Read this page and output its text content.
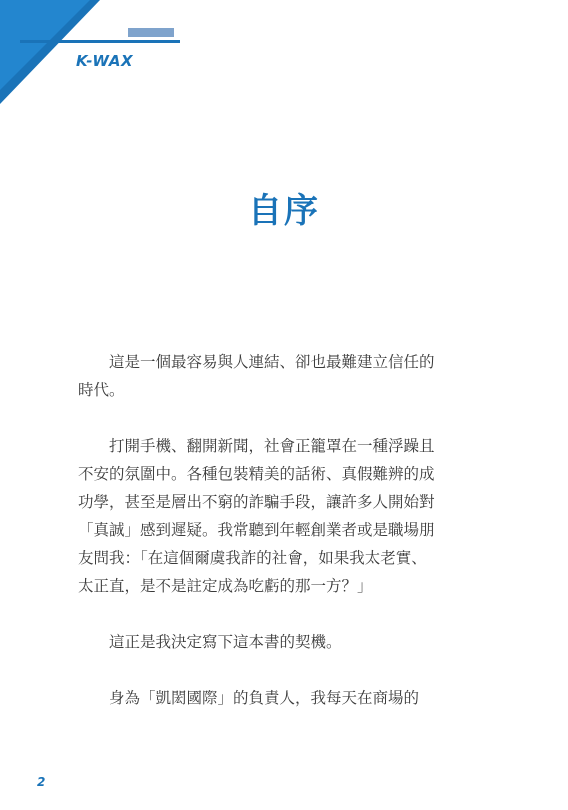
K-WAX
自序

這是一個最容易與人連結、卻也最難建立信任的
時代。

打開手機、翻開新聞，社會正籠罩在一種浮躁且
不安的氛圍中。各種包裝精美的話術、真假難辨的成
功學，甚至是層出不窮的詐騙手段，讓許多人開始對
「真誠」感到遲疑。我常聽到年輕創業者或是職場朋
友問我：「在這個爾虞我詐的社會，如果我太老實、
太正直，是不是註定成為吃虧的那一方？」

這正是我決定寫下這本書的契機。

身為「凱閎國際」的負責人，我每天在商場的

2
